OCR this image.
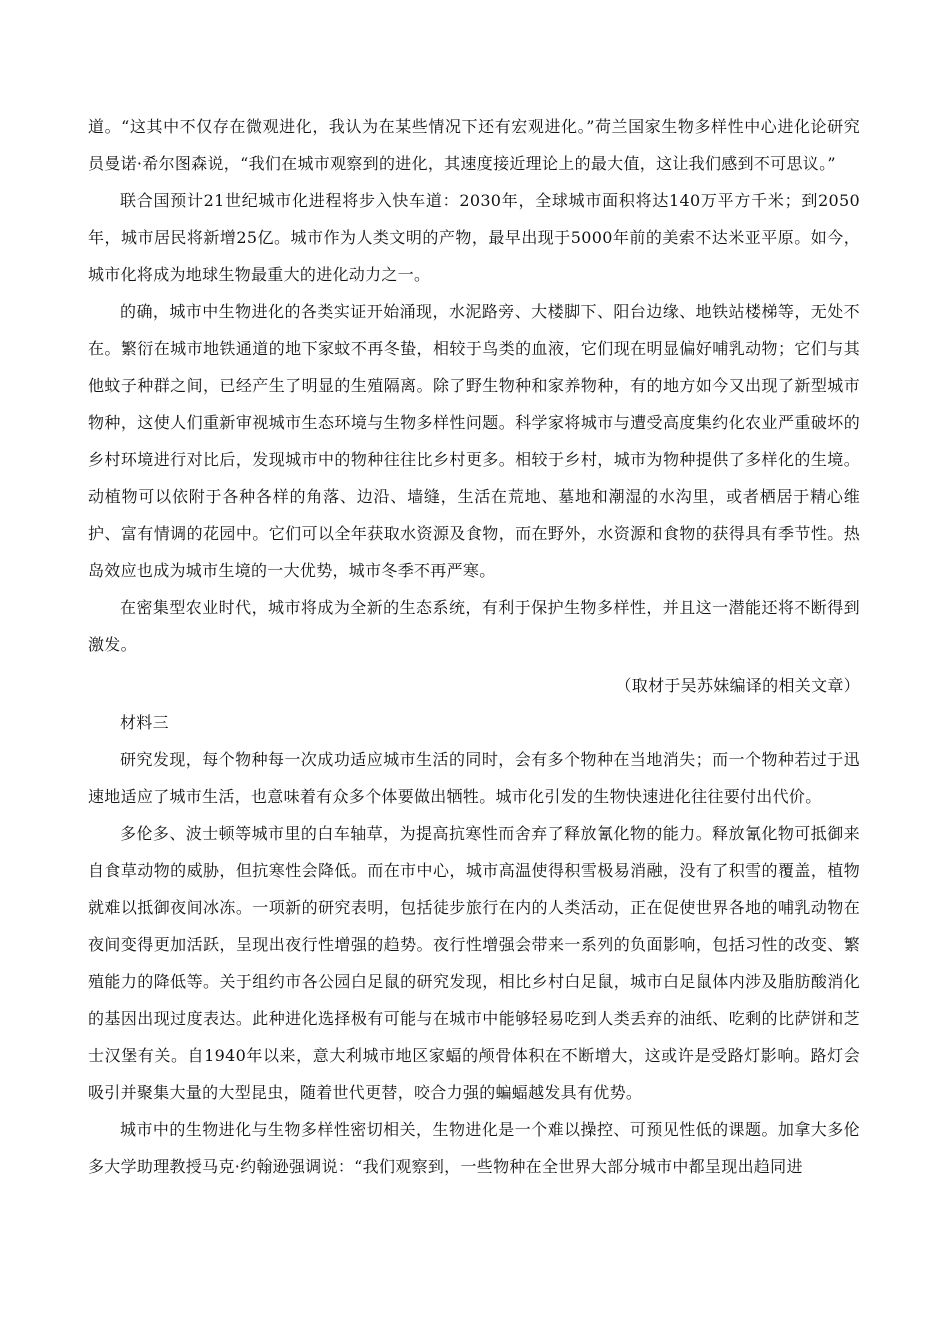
道。“这其中不仅存在微观进化，我认为在某些情况下还有宏观进化。”荷兰国家生物多样性中心进化论研究员曼诺·希尔图森说，“我们在城市观察到的进化，其速度接近理论上的最大值，这让我们感到不可思议。”

联合国预计21世纪城市化进程将步入快车道：2030年，全球城市面积将达140万平方千米；到2050年，城市居民将新增25亿。城市作为人类文明的产物，最早出现于5000年前的美索不达米亚平原。如今，城市化将成为地球生物最重大的进化动力之一。

的确，城市中生物进化的各类实证开始涌现，水泥路旁、大楼脚下、阳台边缘、地铁站楼梯等，无处不在。繁衍在城市地铁通道的地下家蚊不再冬蛰，相较于鸟类的血液，它们现在明显偏好哺乳动物；它们与其他蚊子种群之间，已经产生了明显的生殖隔离。除了野生物种和家养物种，有的地方如今又出现了新型城市物种，这使人们重新审视城市生态环境与生物多样性问题。科学家将城市与遭受高度集约化农业严重破坏的乡村环境进行对比后，发现城市中的物种往往比乡村更多。相较于乡村，城市为物种提供了多样化的生境。动植物可以依附于各种各样的角落、边沿、墙缝，生活在荒地、墓地和潮湿的水沟里，或者栖居于精心维护、富有情调的花园中。它们可以全年获取水资源及食物，而在野外，水资源和食物的获得具有季节性。热岛效应也成为城市生境的一大优势，城市冬季不再严寒。

在密集型农业时代，城市将成为全新的生态系统，有利于保护生物多样性，并且这一潜能还将不断得到激发。

（取材于吴苏妹编译的相关文章）

材料三

研究发现，每个物种每一次成功适应城市生活的同时，会有多个物种在当地消失；而一个物种若过于迅速地适应了城市生活，也意味着有众多个体要做出牺牲。城市化引发的生物快速进化往往要付出代价。

多伦多、波士顿等城市里的白车轴草，为提高抗寒性而舍弃了释放氰化物的能力。释放氰化物可抵御来自食草动物的威胁，但抗寒性会降低。而在市中心，城市高温使得积雪极易消融，没有了积雪的覆盖，植物就难以抵御夜间冰冻。一项新的研究表明，包括徒步旅行在内的人类活动，正在促使世界各地的哺乳动物在夜间变得更加活跃，呈现出夜行性增强的趋势。夜行性增强会带来一系列的负面影响，包括习性的改变、繁殖能力的降低等。关于组约市各公园白足鼠的研究发现，相比乡村白足鼠，城市白足鼠体内涉及脂肪酸消化的基因出现过度表达。此种进化选择极有可能与在城市中能够轻易吃到人类丢弃的油纸、吃剩的比萨饼和芝士汉堡有关。自1940年以来，意大利城市地区家蝠的颅骨体积在不断增大，这或许是受路灯影响。路灯会吸引并聚集大量的大型昆虫，随着世代更替，咬合力强的蝙蝠越发具有优势。

城市中的生物进化与生物多样性密切相关，生物进化是一个难以操控、可预见性低的课题。加拿大多伦多大学助理教授马克·约翰逊强调说：“我们观察到，一些物种在全世界大部分城市中都呈现出趋同进
